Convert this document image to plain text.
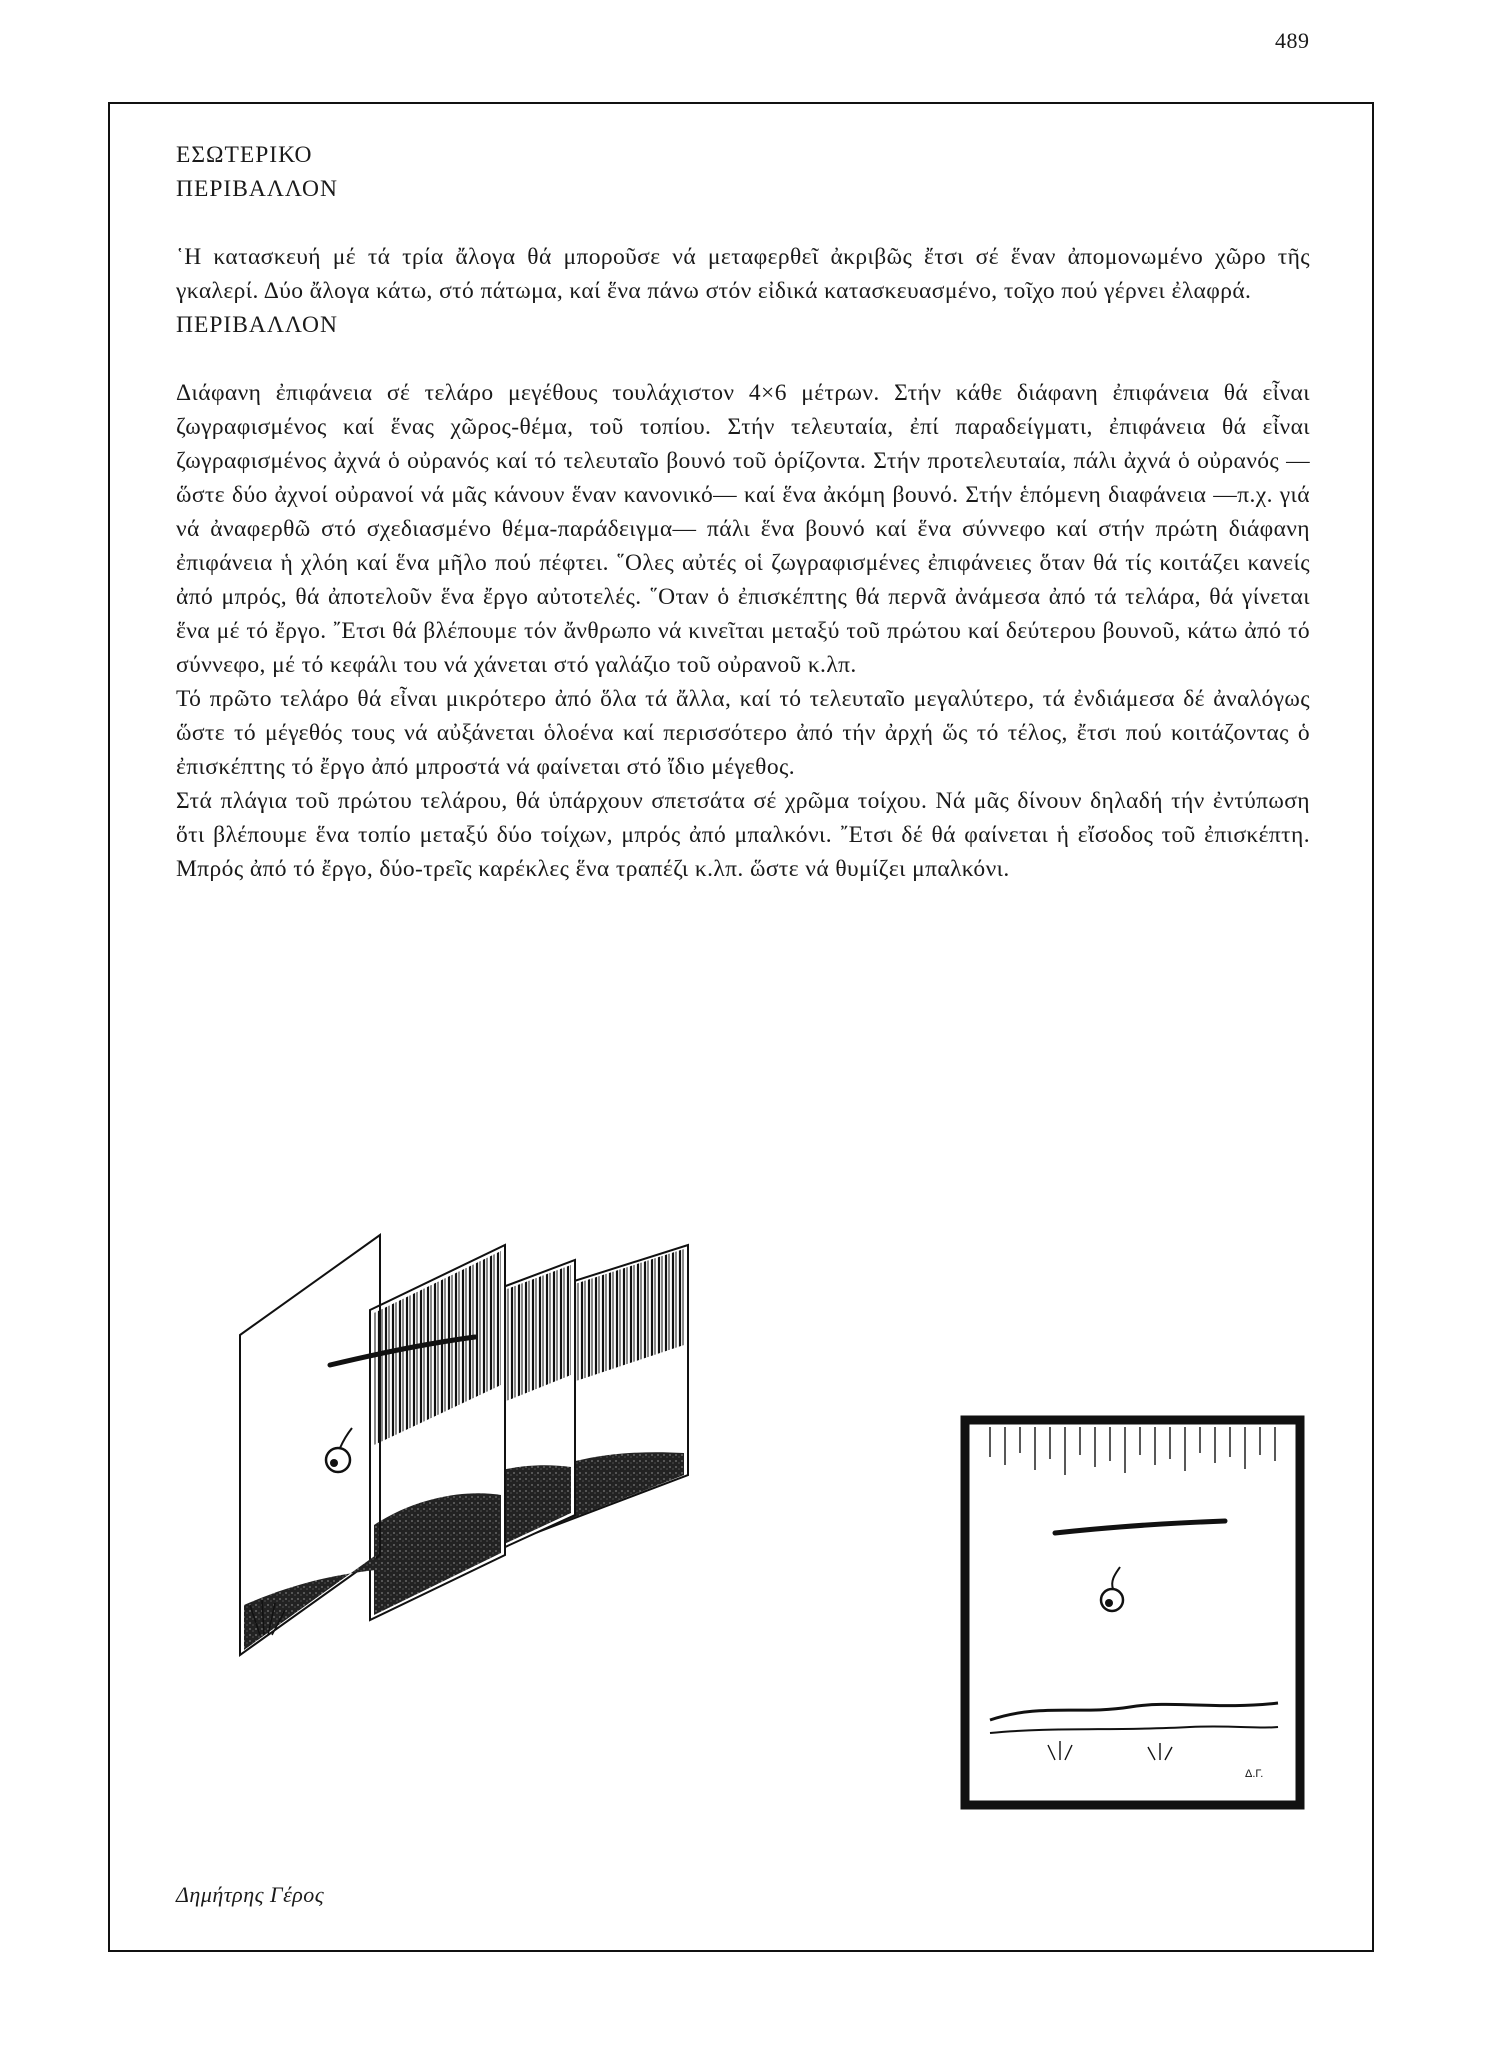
489
ΕΣΩΤΕΡΙΚΟ
ΠΕΡΙΒΑΛΛΟΝ
῾Η κατασκευή μέ τά τρία ἄλογα θά μποροῦσε νά μεταφερθεῖ ἀκριβῶς ἔτσι σέ ἕναν ἀπομονωμένο χῶρο τῆς γκαλερί. Δύο ἄλογα κάτω, στό πάτωμα, καί ἕνα πάνω στόν εἰδικά κατασκευασμένο, τοῖχο πού γέρνει ἐλαφρά.
ΠΕΡΙΒΑΛΛΟΝ
Διάφανη ἐπιφάνεια σέ τελάρο μεγέθους τουλάχιστον 4×6 μέτρων. Στήν κάθε διάφανη ἐπιφάνεια θά εἶναι ζωγραφισμένος καί ἕνας χῶρος-θέμα, τοῦ τοπίου. Στήν τελευταία, ἐπί παραδείγματι, ἐπιφάνεια θά εἶναι ζωγραφισμένος ἀχνά ὁ οὐρανός καί τό τελευταῖο βουνό τοῦ ὁρίζοντα. Στήν προτελευταία, πάλι ἀχνά ὁ οὐρανός —ὥστε δύο ἀχνοί οὐρανοί νά μᾶς κάνουν ἕναν κανονικό— καί ἕνα ἀκόμη βουνό. Στήν ἑπόμενη διαφάνεια —π.χ. γιά νά ἀναφερθῶ στό σχεδιασμένο θέμα-παράδειγμα— πάλι ἕνα βουνό καί ἕνα σύννεφο καί στήν πρώτη διάφανη ἐπιφάνεια ἡ χλόη καί ἕνα μῆλο πού πέφτει. ῞Ολες αὐτές οἱ ζωγραφισμένες ἐπιφάνειες ὅταν θά τίς κοιτάζει κανείς ἀπό μπρός, θά ἀποτελοῦν ἕνα ἔργο αὐτοτελές. ῞Οταν ὁ ἐπισκέπτης θά περνᾶ ἀνάμεσα ἀπό τά τελάρα, θά γίνεται ἕνα μέ τό ἔργο. ῎Ετσι θά βλέπουμε τόν ἄνθρωπο νά κινεῖται μεταξύ τοῦ πρώτου καί δεύτερου βουνοῦ, κάτω ἀπό τό σύννεφο, μέ τό κεφάλι του νά χάνεται στό γαλάζιο τοῦ οὐρανοῦ κ.λπ.
Τό πρῶτο τελάρο θά εἶναι μικρότερο ἀπό ὅλα τά ἄλλα, καί τό τελευταῖο μεγαλύτερο, τά ἐνδιάμεσα δέ ἀναλόγως ὥστε τό μέγεθός τους νά αὐξάνεται ὁλοένα καί περισσότερο ἀπό τήν ἀρχή ὥς τό τέλος, ἔτσι πού κοιτάζοντας ὁ ἐπισκέπτης τό ἔργο ἀπό μπροστά νά φαίνεται στό ἴδιο μέγεθος.
Στά πλάγια τοῦ πρώτου τελάρου, θά ὑπάρχουν σπετσάτα σέ χρῶμα τοίχου. Νά μᾶς δίνουν δηλαδή τήν ἐντύπωση ὅτι βλέπουμε ἕνα τοπίο μεταξύ δύο τοίχων, μπρός ἀπό μπαλκόνι. ῎Ετσι δέ θά φαίνεται ἡ εἴσοδος τοῦ ἐπισκέπτη. Μπρός ἀπό τό ἔργο, δύο-τρεῖς καρέκλες ἕνα τραπέζι κ.λπ. ὥστε νά θυμίζει μπαλκόνι.
Δ.Γ.
Δημήτρης Γέρος
